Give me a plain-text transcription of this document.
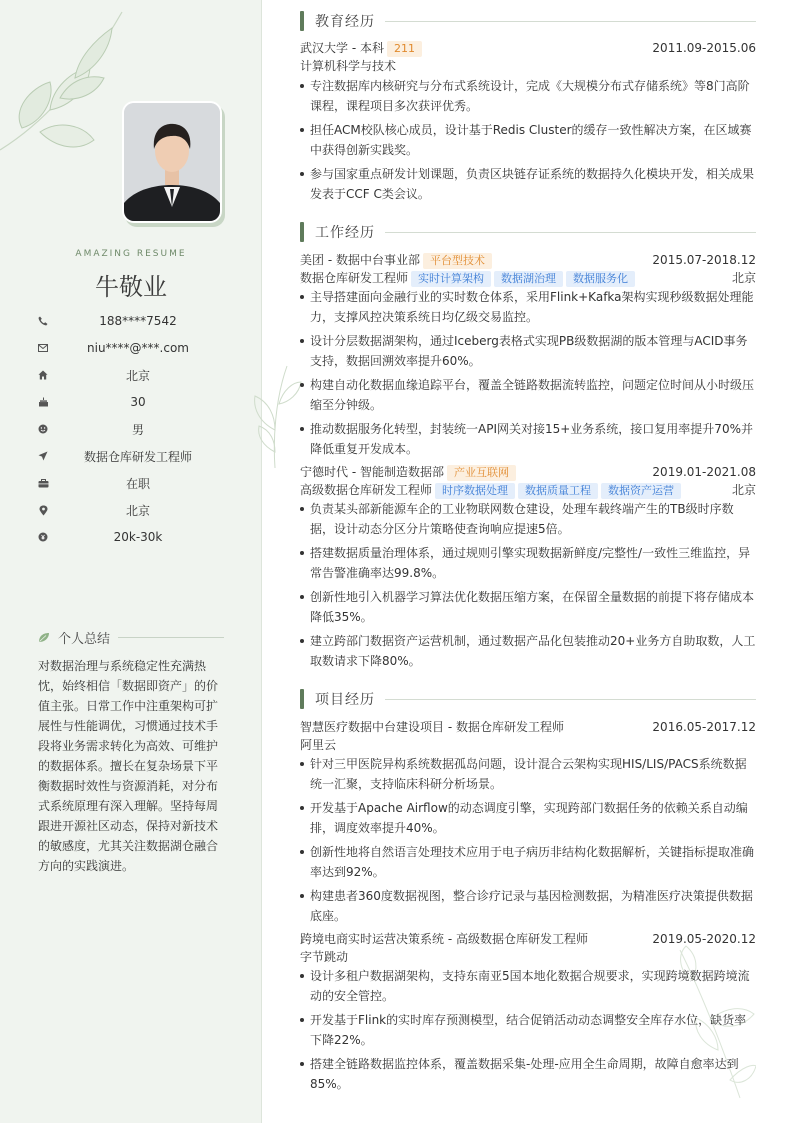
AMAZING RESUME
牛敬业
188****7542
niu****@***.com
北京
30
男
数据仓库研发工程师
在职
北京
20k-30k
个人总结
对数据治理与系统稳定性充满热忱，始终相信「数据即资产」的价值主张。日常工作中注重架构可扩展性与性能调优，习惯通过技术手段将业务需求转化为高效、可维护的数据体系。擅长在复杂场景下平衡数据时效性与资源消耗，对分布式系统原理有深入理解。坚持每周跟进开源社区动态，保持对新技术的敏感度，尤其关注数据湖仓融合方向的实践演进。
教育经历
武汉大学 - 本科 211	2011.09-2015.06
计算机科学与技术
专注数据库内核研究与分布式系统设计，完成《大规模分布式存储系统》等8门高阶课程，课程项目多次获评优秀。
担任ACM校队核心成员，设计基于Redis Cluster的缓存一致性解决方案，在区域赛中获得创新实践奖。
参与国家重点研发计划课题，负责区块链存证系统的数据持久化模块开发，相关成果发表于CCF C类会议。
工作经历
美团 - 数据中台事业部 平台型技术	2015.07-2018.12
数据仓库研发工程师 实时计算架构 数据湖治理 数据服务化	北京
主导搭建面向金融行业的实时数仓体系，采用Flink+Kafka架构实现秒级数据处理能力，支撑风控决策系统日均亿级交易监控。
设计分层数据湖架构，通过Iceberg表格式实现PB级数据湖的版本管理与ACID事务支持，数据回溯效率提升60%。
构建自动化数据血缘追踪平台，覆盖全链路数据流转监控，问题定位时间从小时级压缩至分钟级。
推动数据服务化转型，封装统一API网关对接15+业务系统，接口复用率提升70%并降低重复开发成本。
宁德时代 - 智能制造数据部 产业互联网	2019.01-2021.08
高级数据仓库研发工程师 时序数据处理 数据质量工程 数据资产运营	北京
负责某头部新能源车企的工业物联网数仓建设，处理车载终端产生的TB级时序数据，设计动态分区分片策略使查询响应提速5倍。
搭建数据质量治理体系，通过规则引擎实现数据新鲜度/完整性/一致性三维监控，异常告警准确率达99.8%。
创新性地引入机器学习算法优化数据压缩方案，在保留全量数据的前提下将存储成本降低35%。
建立跨部门数据资产运营机制，通过数据产品化包装推动20+业务方自助取数，人工取数请求下降80%。
项目经历
智慧医疗数据中台建设项目 - 数据仓库研发工程师	2016.05-2017.12
阿里云
针对三甲医院异构系统数据孤岛问题，设计混合云架构实现HIS/LIS/PACS系统数据统一汇聚，支持临床科研分析场景。
开发基于Apache Airflow的动态调度引擎，实现跨部门数据任务的依赖关系自动编排，调度效率提升40%。
创新性地将自然语言处理技术应用于电子病历非结构化数据解析，关键指标提取准确率达到92%。
构建患者360度数据视图，整合诊疗记录与基因检测数据，为精准医疗决策提供数据底座。
跨境电商实时运营决策系统 - 高级数据仓库研发工程师	2019.05-2020.12
字节跳动
设计多租户数据湖架构，支持东南亚5国本地化数据合规要求，实现跨境数据跨境流动的安全管控。
开发基于Flink的实时库存预测模型，结合促销活动动态调整安全库存水位，缺货率下降22%。
搭建全链路数据监控体系，覆盖数据采集-处理-应用全生命周期，故障自愈率达到85%。
